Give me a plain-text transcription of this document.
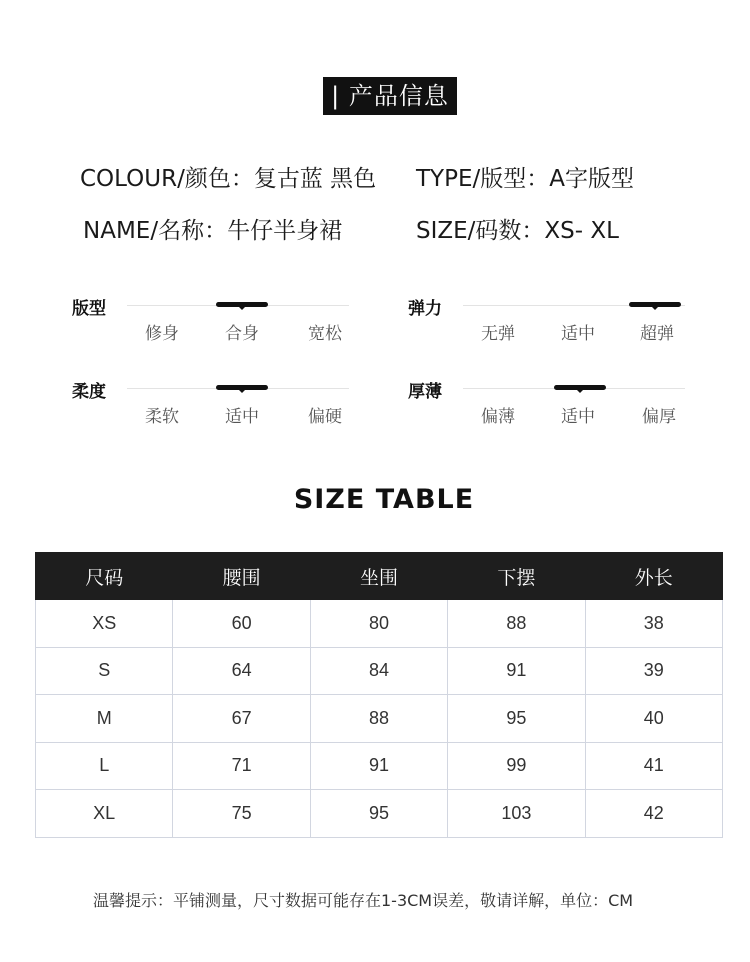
| 产品信息
COLOUR/颜色：复古蓝 黑色 TYPE/版型：A字版型
NAME/名称：牛仔半身裙	SIZE/码数：XS- XL
版型
修身	合身	宽松
弹力
无弹	适中	超弹
柔度
柔软	适中	偏硬
厚薄
偏薄	适中	偏厚
SIZE TABLE
尺码	腰围	坐围	下摆	外长
XS	60	80	88	38
S	64	84	91	39
M	67	88	95	40
L	71	91	99	41
XL	75	95	103	42
温馨提示：平铺测量，尺寸数据可能存在1-3CM误差，敬请详解，单位：CM
